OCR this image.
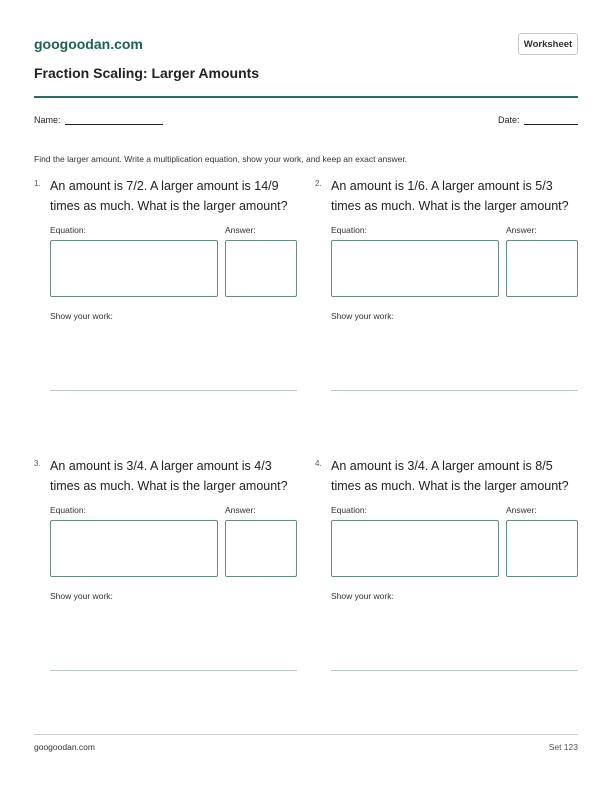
googoodan.com	Worksheet
Fraction Scaling: Larger Amounts
Name:	Date:
Find the larger amount. Write a multiplication equation, show your work, and keep an exact answer.
1. An amount is 7/2. A larger amount is 14/9 times as much. What is the larger amount?
Equation:	Answer:
Show your work:
2. An amount is 1/6. A larger amount is 5/3 times as much. What is the larger amount?
Equation:	Answer:
Show your work:
3. An amount is 3/4. A larger amount is 4/3 times as much. What is the larger amount?
Equation:	Answer:
Show your work:
4. An amount is 3/4. A larger amount is 8/5 times as much. What is the larger amount?
Equation:	Answer:
Show your work:
googoodan.com	Set 123
